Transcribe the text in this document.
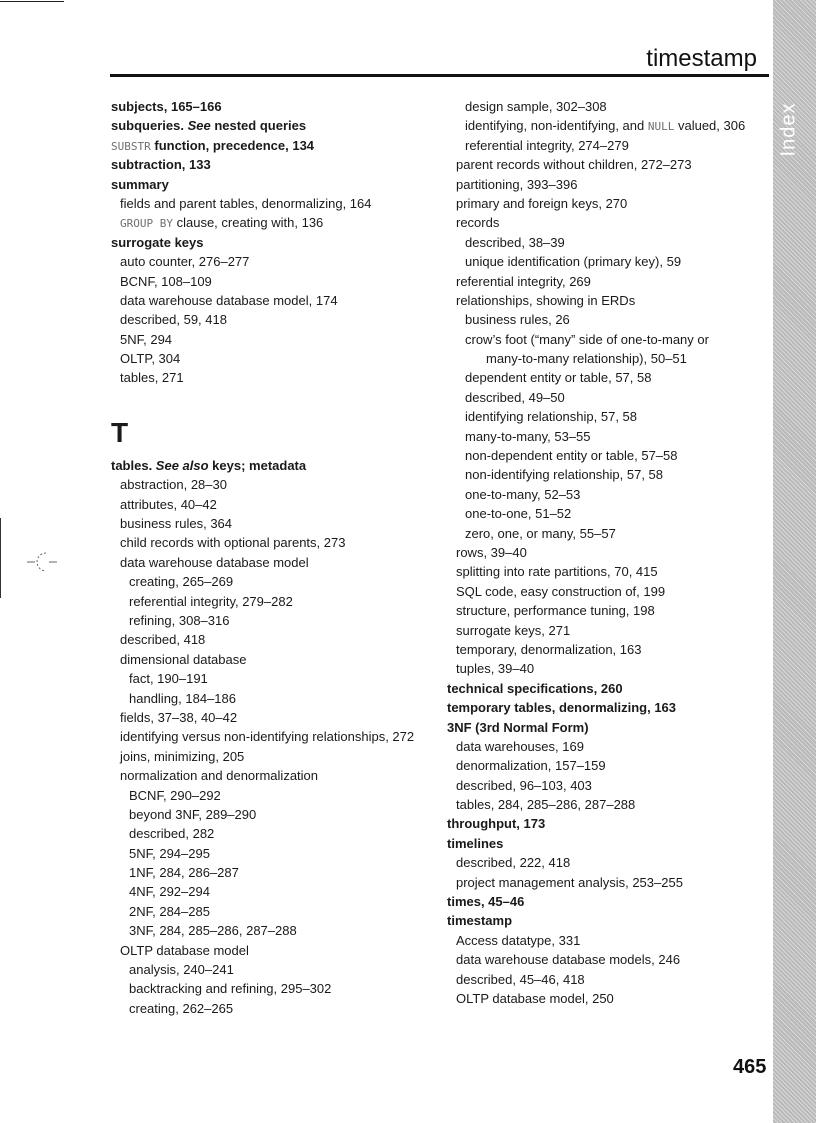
Index
timestamp
subjects, 165–166
subqueries. See nested queries
SUBSTR function, precedence, 134
subtraction, 133
summary
fields and parent tables, denormalizing, 164
GROUP BY clause, creating with, 136
surrogate keys
auto counter, 276–277
BCNF, 108–109
data warehouse database model, 174
described, 59, 418
5NF, 294
OLTP, 304
tables, 271
T
tables. See also keys; metadata
abstraction, 28–30
attributes, 40–42
business rules, 364
child records with optional parents, 273
data warehouse database model
creating, 265–269
referential integrity, 279–282
refining, 308–316
described, 418
dimensional database
fact, 190–191
handling, 184–186
fields, 37–38, 40–42
identifying versus non-identifying relationships, 272
joins, minimizing, 205
normalization and denormalization
BCNF, 290–292
beyond 3NF, 289–290
described, 282
5NF, 294–295
1NF, 284, 286–287
4NF, 292–294
2NF, 284–285
3NF, 284, 285–286, 287–288
OLTP database model
analysis, 240–241
backtracking and refining, 295–302
creating, 262–265
design sample, 302–308
identifying, non-identifying, and NULL valued, 306
referential integrity, 274–279
parent records without children, 272–273
partitioning, 393–396
primary and foreign keys, 270
records
described, 38–39
unique identification (primary key), 59
referential integrity, 269
relationships, showing in ERDs
business rules, 26
crow’s foot (“many” side of one-to-many or
many-to-many relationship), 50–51
dependent entity or table, 57, 58
described, 49–50
identifying relationship, 57, 58
many-to-many, 53–55
non-dependent entity or table, 57–58
non-identifying relationship, 57, 58
one-to-many, 52–53
one-to-one, 51–52
zero, one, or many, 55–57
rows, 39–40
splitting into rate partitions, 70, 415
SQL code, easy construction of, 199
structure, performance tuning, 198
surrogate keys, 271
temporary, denormalization, 163
tuples, 39–40
technical specifications, 260
temporary tables, denormalizing, 163
3NF (3rd Normal Form)
data warehouses, 169
denormalization, 157–159
described, 96–103, 403
tables, 284, 285–286, 287–288
throughput, 173
timelines
described, 222, 418
project management analysis, 253–255
times, 45–46
timestamp
Access datatype, 331
data warehouse database models, 246
described, 45–46, 418
OLTP database model, 250
465
